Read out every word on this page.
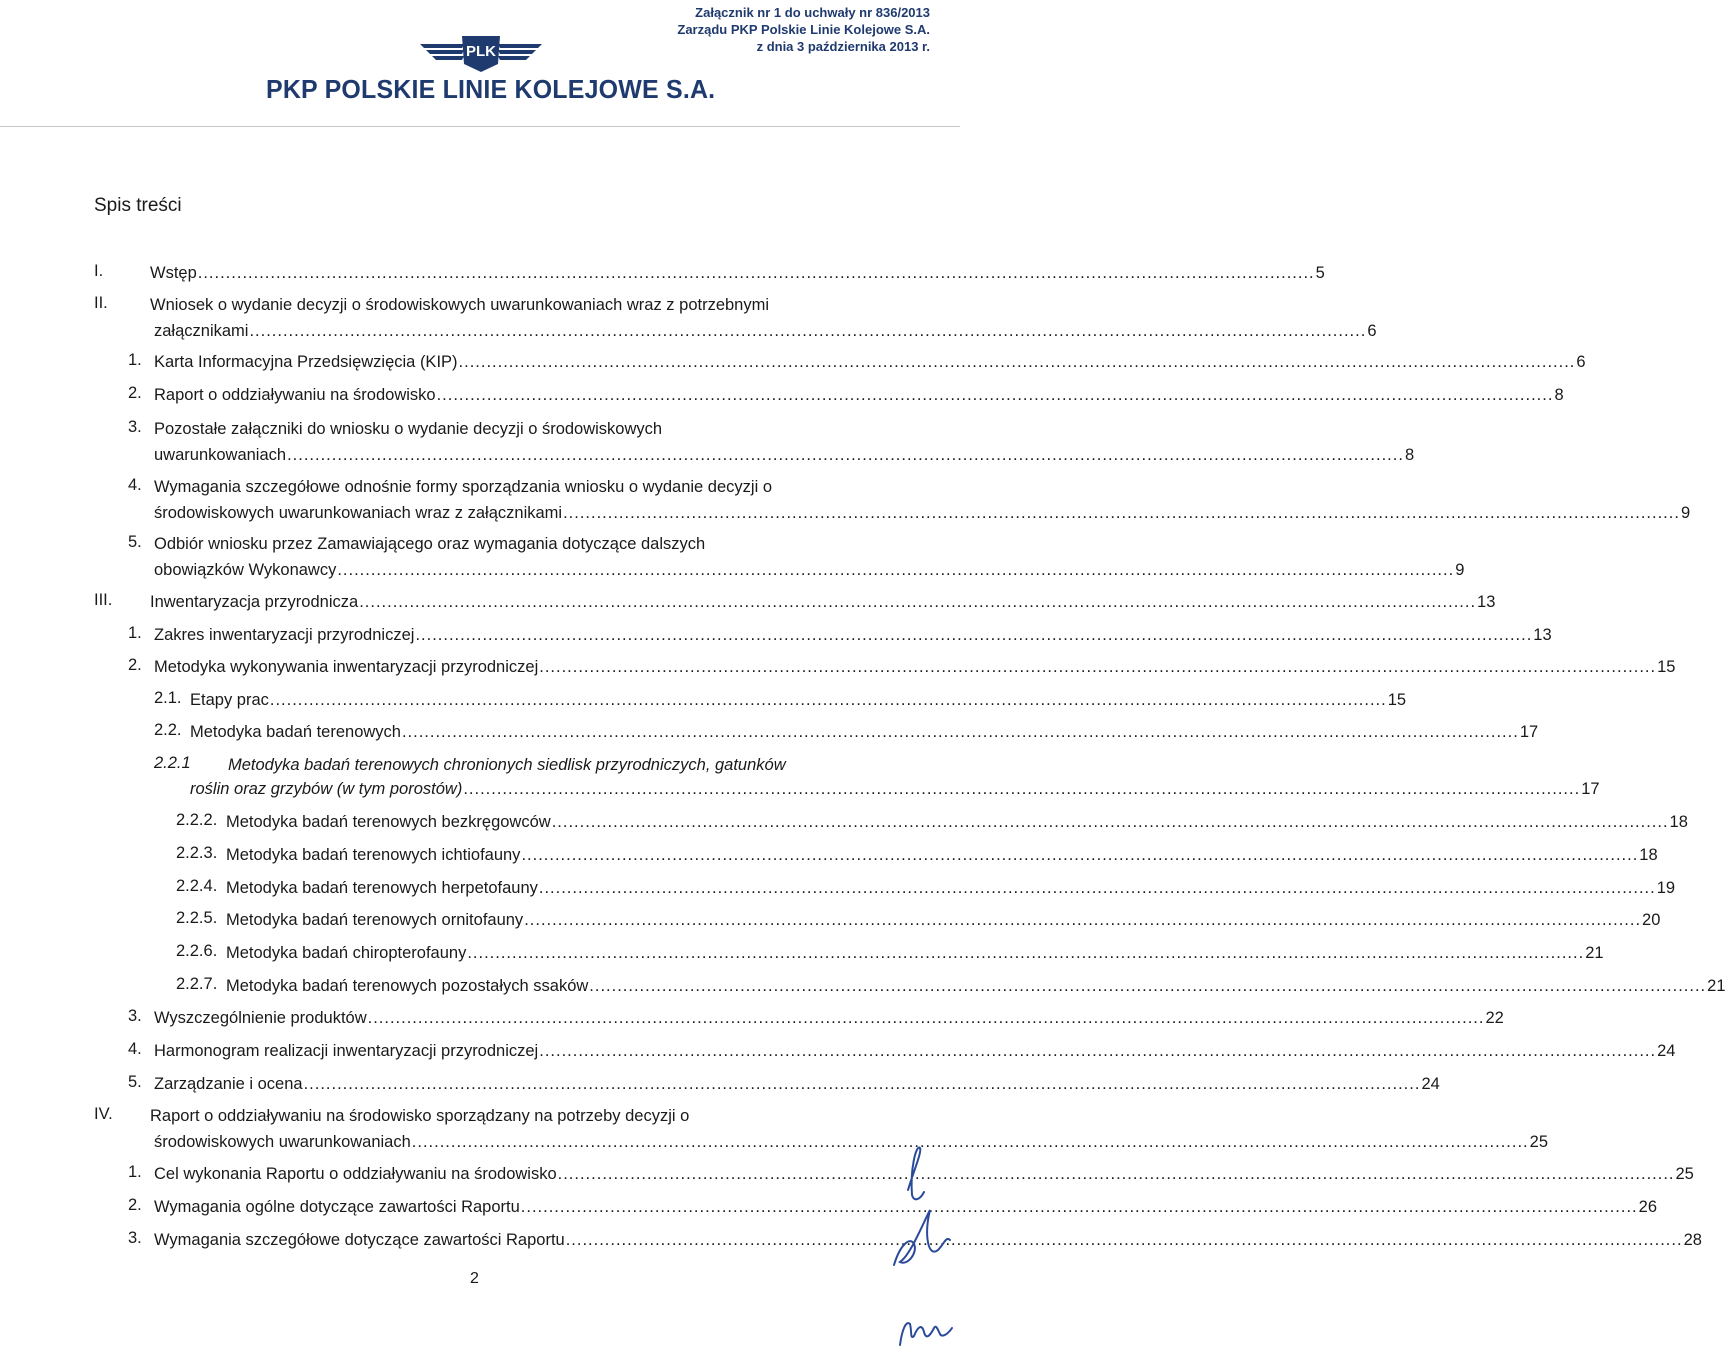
Załącznik nr 1 do uchwały nr 836/2013
Zarządu PKP Polskie Linie Kolejowe S.A.
z dnia 3 października 2013 r.
PLK
PKP POLSKIE LINIE KOLEJOWE S.A.
Spis treści
I.	Wstęp ........................................................................................................................................................................................................ 5
II.	Wniosek o wydanie decyzji o środowiskowych uwarunkowaniach wraz z potrzebnymi
załącznikami ........................................................................................................................................................................................................ 6
1. Karta Informacyjna Przedsięwzięcia (KIP) ........................................................................................................................................................................................................ 6
2. Raport o oddziaływaniu na środowisko ........................................................................................................................................................................................................ 8
3. Pozostałe załączniki do wniosku o wydanie decyzji o środowiskowych
uwarunkowaniach ........................................................................................................................................................................................................ 8
4. Wymagania szczegółowe odnośnie formy sporządzania wniosku o wydanie decyzji o
środowiskowych uwarunkowaniach wraz z załącznikami ........................................................................................................................................................................................................ 9
5. Odbiór wniosku przez Zamawiającego oraz wymagania dotyczące dalszych
obowiązków Wykonawcy ........................................................................................................................................................................................................ 9
III. Inwentaryzacja przyrodnicza ........................................................................................................................................................................................................ 13
1. Zakres inwentaryzacji przyrodniczej ........................................................................................................................................................................................................ 13
2. Metodyka wykonywania inwentaryzacji przyrodniczej ........................................................................................................................................................................................................ 15
2.1. Etapy prac ........................................................................................................................................................................................................ 15
2.2. Metodyka badań terenowych ........................................................................................................................................................................................................ 17
2.2.1 Metodyka badań terenowych chronionych siedlisk przyrodniczych, gatunków
roślin oraz grzybów (w tym porostów) ........................................................................................................................................................................................................ 17
2.2.2. Metodyka badań terenowych bezkręgowców ........................................................................................................................................................................................................ 18
2.2.3. Metodyka badań terenowych ichtiofauny ........................................................................................................................................................................................................ 18
2.2.4. Metodyka badań terenowych herpetofauny ........................................................................................................................................................................................................ 19
2.2.5. Metodyka badań terenowych ornitofauny ........................................................................................................................................................................................................ 20
2.2.6. Metodyka badań chiropterofauny ........................................................................................................................................................................................................ 21
2.2.7. Metodyka badań terenowych pozostałych ssaków ........................................................................................................................................................................................................ 21
3. Wyszczególnienie produktów ........................................................................................................................................................................................................ 22
4. Harmonogram realizacji inwentaryzacji przyrodniczej ........................................................................................................................................................................................................ 24
5. Zarządzanie i ocena ........................................................................................................................................................................................................ 24
IV. Raport o oddziaływaniu na środowisko sporządzany na potrzeby decyzji o
środowiskowych uwarunkowaniach ........................................................................................................................................................................................................ 25
1. Cel wykonania Raportu o oddziaływaniu na środowisko ........................................................................................................................................................................................................ 25
2. Wymagania ogólne dotyczące zawartości Raportu ........................................................................................................................................................................................................ 26
3. Wymagania szczegółowe dotyczące zawartości Raportu ........................................................................................................................................................................................................ 28
2
